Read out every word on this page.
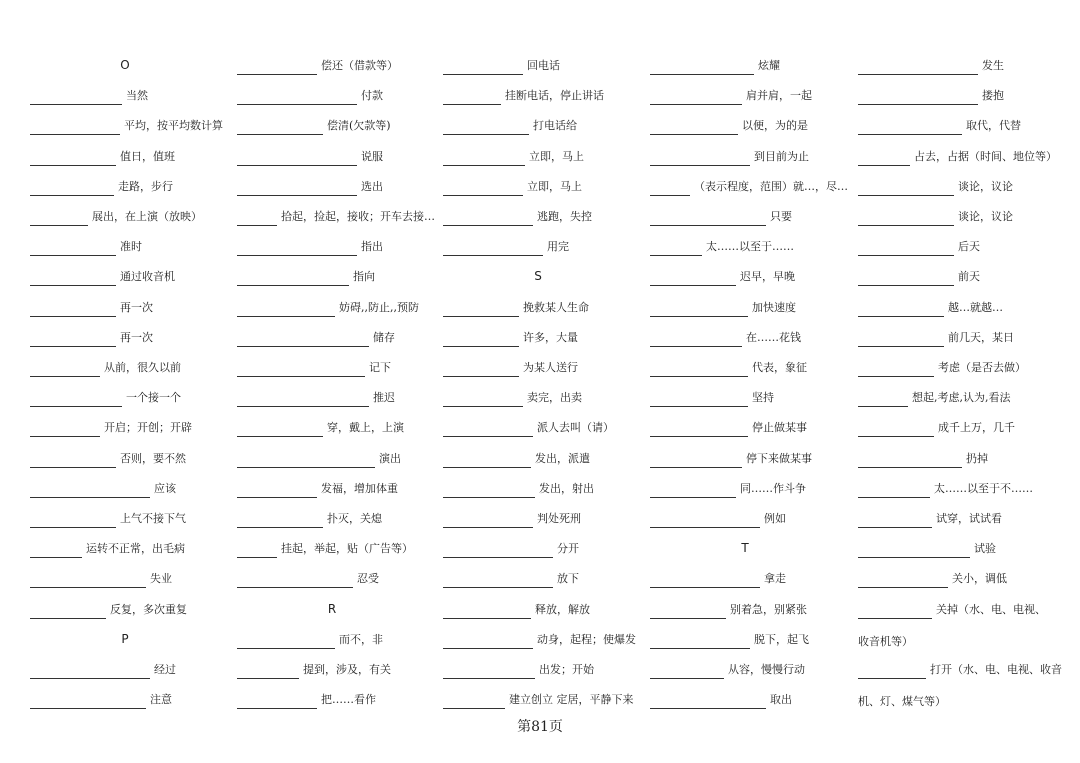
O
当然
平均，按平均数计算
值日，值班
走路，步行
展出，在上演（放映）
准时
通过收音机
再一次
再一次
从前，很久以前
一个接一个
开启；开创；开辟
否则，要不然
应该
上气不接下气
运转不正常，出毛病
失业
反复，多次重复
P
经过
注意
偿还（借款等）
付款
偿清(欠款等)
说服
选出
拾起，捡起，接收；开车去接…
指出
指向
妨碍,,防止,,预防
储存
记下
推迟
穿，戴上，上演
演出
发福，增加体重
扑灭，关熄
挂起，举起，贴（广告等）
忍受
R
而不，非
提到，涉及，有关
把……看作
回电话
挂断电话，停止讲话
打电话给
立即，马上
立即，马上
逃跑，失控
用完
S
挽救某人生命
许多，大量
为某人送行
卖完，出卖
派人去叫（请）
发出，派遣
发出，射出
判处死刑
分开
放下
释放，解放
动身，起程；使爆发
出发；开始
建立创立 定居，平静下来
炫耀
肩并肩，一起
以便，为的是
到目前为止
（表示程度，范围）就…，尽…
只要
太……以至于……
迟早，早晚
加快速度
在……花钱
代表，象征
坚持
停止做某事
停下来做某事
同……作斗争
例如
T
拿走
别着急，别紧张
脱下，起飞
从容，慢慢行动
取出
发生
搂抱
取代，代替
占去，占据（时间、地位等）
谈论，议论
谈论，议论
后天
前天
越…就越…
前几天，某日
考虑（是否去做）
想起,考虑,认为,看法
成千上万，几千
扔掉
太……以至于不……
试穿，试试看
试验
关小，调低
关掉（水、电、电视、
收音机等）
打开（水、电、电视、收音
机、灯、煤气等）
第81页
